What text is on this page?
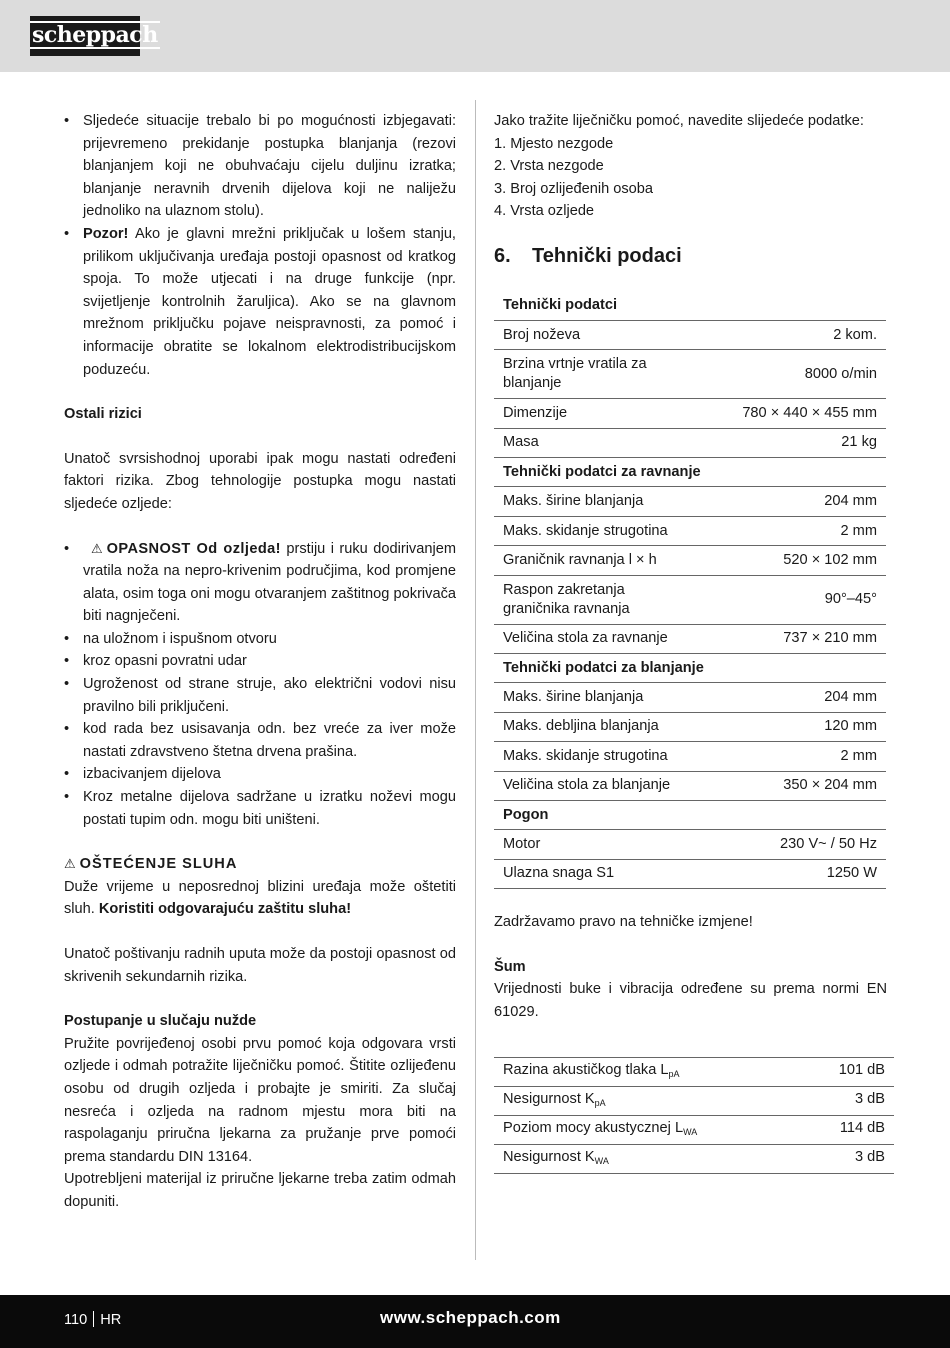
scheppach
• Sljedeće situacije trebalo bi po mogućnosti izbjegavati: prijevremeno prekidanje postupka blanjanja (rezovi blanjanjem koji ne obuhvaćaju cijelu duljinu izratka; blanjanje neravnih drvenih dijelova koji ne naliježu jednoliko na ulaznom stolu).
• Pozor! Ako je glavni mrežni priključak u lošem stanju, prilikom uključivanja uređaja postoji opasnost od kratkog spoja. To može utjecati i na druge funkcije (npr. svijetljenje kontrolnih žaruljica). Ako se na glavnom mrežnom priključku pojave neispravnosti, za pomoć i informacije obratite se lokalnom elektrodistribucijskom poduzeću.
Ostali rizici
Unatoč svrsishodnoj uporabi ipak mogu nastati određeni faktori rizika. Zbog tehnologije postupka mogu nastati sljedeće ozljede:
• ⚠ OPASNOST Od ozljeda! prstiju i ruku dodirivanjem vratila noža na nepro-krivenim područjima, kod promjene alata, osim toga oni mogu otvaranjem zaštitnog pokrivača biti nagnječeni.
• na uložnom i ispušnom otvoru
• kroz opasni povratni udar
• Ugroženost od strane struje, ako električni vodovi nisu pravilno bili priključeni.
• kod rada bez usisavanja odn. bez vreće za iver može nastati zdravstveno štetna drvena prašina.
• izbacivanjem dijelova
• Kroz metalne dijelova sadržane u izratku noževi mogu postati tupim odn. mogu biti uništeni.
⚠ OŠTEĆENJE SLUHA
Duže vrijeme u neposrednoj blizini uređaja može oštetiti sluh. Koristiti odgovarajuću zaštitu sluha!
Unatoč poštivanju radnih uputa može da postoji opasnost od skrivenih sekundarnih rizika.
Postupanje u slučaju nužde
Pružite povrijeđenoj osobi prvu pomoć koja odgovara vrsti ozljede i odmah potražite liječničku pomoć. Štitite ozlijeđenu osobu od drugih ozljeda i probajte je smiriti. Za slučaj nesreća i ozljeda na radnom mjestu mora biti na raspolaganju priručna ljekarna za pružanje prve pomoći prema standardu DIN 13164.
Upotrebljeni materijal iz priručne ljekarne treba zatim odmah dopuniti.
Jako tražite liječničku pomoć, navedite slijedeće podatke:
1. Mjesto nezgode
2. Vrsta nezgode
3. Broj ozlijeđenih osoba
4. Vrsta ozljede
6. Tehnički podaci
Tehnički podatci	
Broj noževa	2 kom.
Brzina vrtnje vratila za blanjanje	8000 o/min
Dimenzije	780 × 440 × 455 mm
Masa	21 kg
Tehnički podatci za ravnanje	
Maks. širine blanjanja	204 mm
Maks. skidanje strugotina	2 mm
Graničnik ravnanja l × h	520 × 102 mm
Raspon zakretanja graničnika ravnanja	90°–45°
Veličina stola za ravnanje	737 × 210 mm
Tehnički podatci za blanjanje	
Maks. širine blanjanja	204 mm
Maks. debljina blanjanja	120 mm
Maks. skidanje strugotina	2 mm
Veličina stola za blanjanje	350 × 204 mm
Pogon	
Motor	230 V~ / 50 Hz
Ulazna snaga S1	1250 W
Zadržavamo pravo na tehničke izmjene!
Šum
Vrijednosti buke i vibracija određene su prema normi EN 61029.
Razina akustičkog tlaka $L_{pA}$	101 dB
Nesigurnost $K_{pA}$	3 dB
Poziom mocy akustycznej $L_{WA}$	114 dB
Nesigurnost $K_{WA}$	3 dB
110 HR	www.scheppach.com
